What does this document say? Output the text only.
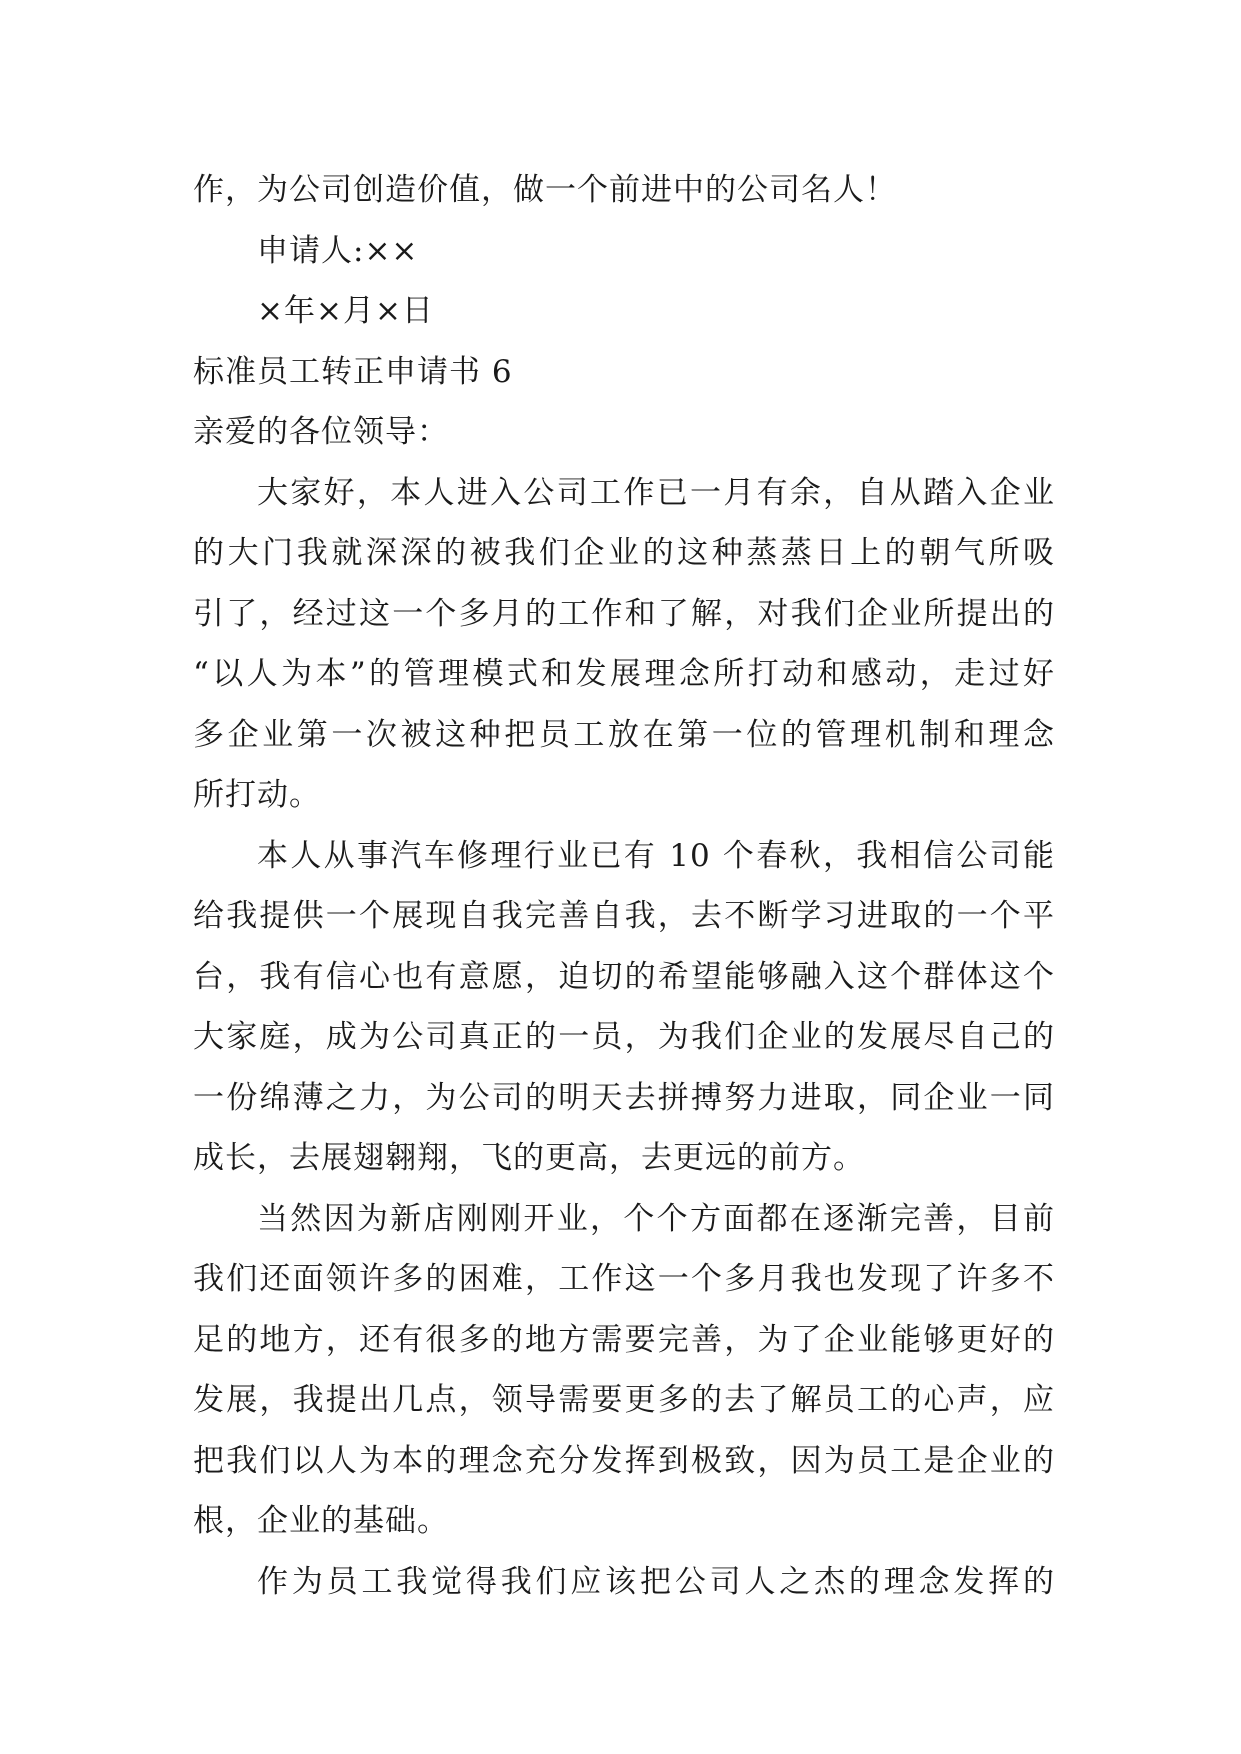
作，为公司创造价值，做一个前进中的公司名人！
申请人:××
×年×月×日
标准员工转正申请书 6
亲爱的各位领导：
大家好，本人进入公司工作已一月有余，自从踏入企业
的大门我就深深的被我们企业的这种蒸蒸日上的朝气所吸
引了，经过这一个多月的工作和了解，对我们企业所提出的
“以人为本”的管理模式和发展理念所打动和感动，走过好
多企业第一次被这种把员工放在第一位的管理机制和理念
所打动。
本人从事汽车修理行业已有 10 个春秋，我相信公司能
给我提供一个展现自我完善自我，去不断学习进取的一个平
台，我有信心也有意愿，迫切的希望能够融入这个群体这个
大家庭，成为公司真正的一员，为我们企业的发展尽自己的
一份绵薄之力，为公司的明天去拼搏努力进取，同企业一同
成长，去展翅翱翔，飞的更高，去更远的前方。
当然因为新店刚刚开业，个个方面都在逐渐完善，目前
我们还面领许多的困难，工作这一个多月我也发现了许多不
足的地方，还有很多的地方需要完善，为了企业能够更好的
发展，我提出几点，领导需要更多的去了解员工的心声，应
把我们以人为本的理念充分发挥到极致，因为员工是企业的
根，企业的基础。
作为员工我觉得我们应该把公司人之杰的理念发挥的
